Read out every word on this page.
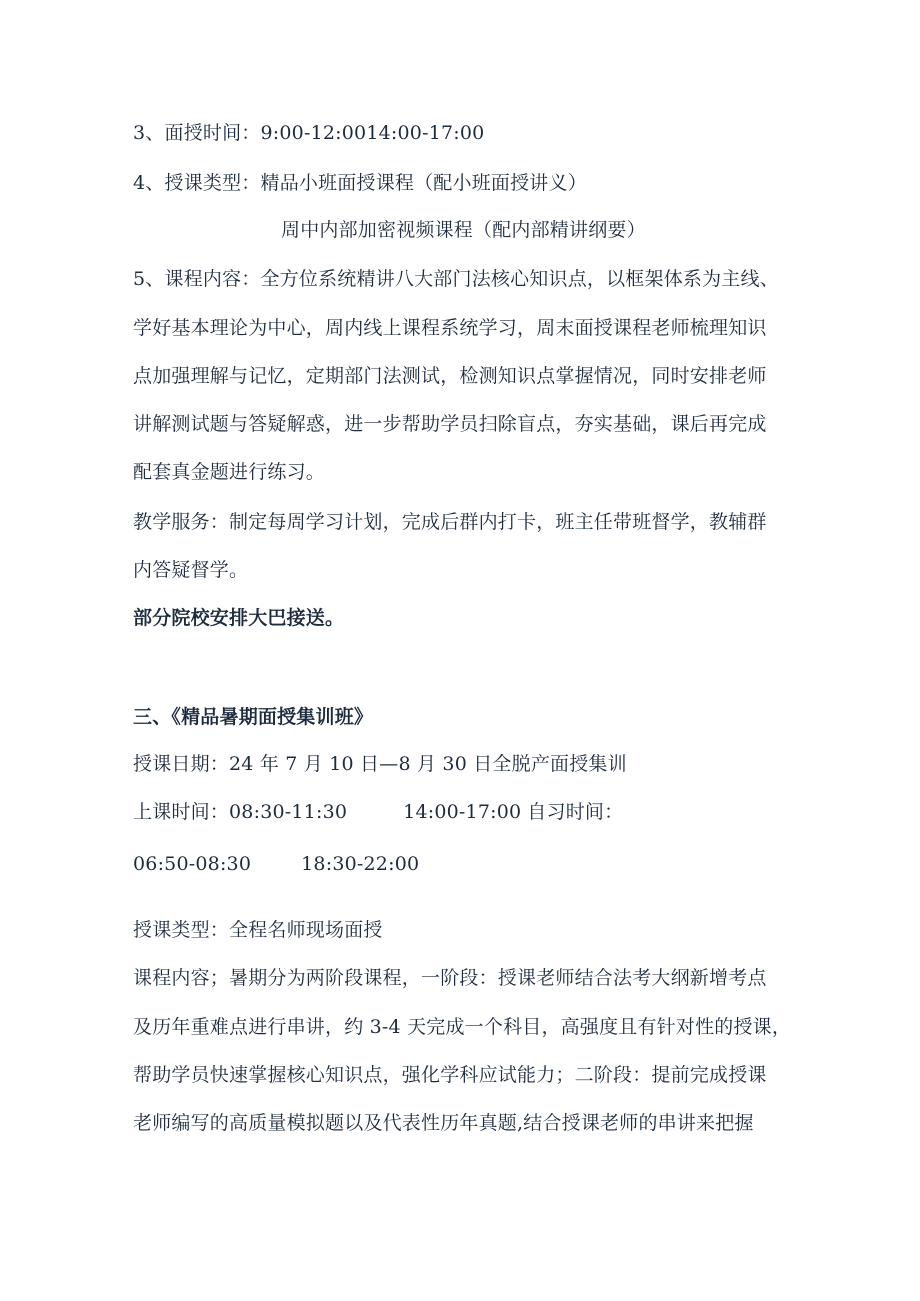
3、面授时间：9:00-12:0014:00-17:00

4、授课类型：精品小班面授课程（配小班面授讲义）

周中内部加密视频课程（配内部精讲纲要）

5、课程内容：全方位系统精讲八大部门法核心知识点，以框架体系为主线、

学好基本理论为中心，周内线上课程系统学习，周末面授课程老师梳理知识

点加强理解与记忆，定期部门法测试，检测知识点掌握情况，同时安排老师

讲解测试题与答疑解惑，进一步帮助学员扫除盲点，夯实基础，课后再完成

配套真金题进行练习。

教学服务：制定每周学习计划，完成后群内打卡，班主任带班督学，教辅群

内答疑督学。

部分院校安排大巴接送。

三、《精品暑期面授集训班》

授课日期：24 年 7 月 10 日—8 月 30 日全脱产面授集训

上课时间：08:30-11:30	14:00-17:00 自习时间：

06:50-08:30	18:30-22:00

授课类型：全程名师现场面授

课程内容；暑期分为两阶段课程，一阶段：授课老师结合法考大纲新增考点

及历年重难点进行串讲，约 3-4 天完成一个科目，高强度且有针对性的授课，

帮助学员快速掌握核心知识点，强化学科应试能力；二阶段：提前完成授课

老师编写的高质量模拟题以及代表性历年真题,结合授课老师的串讲来把握
